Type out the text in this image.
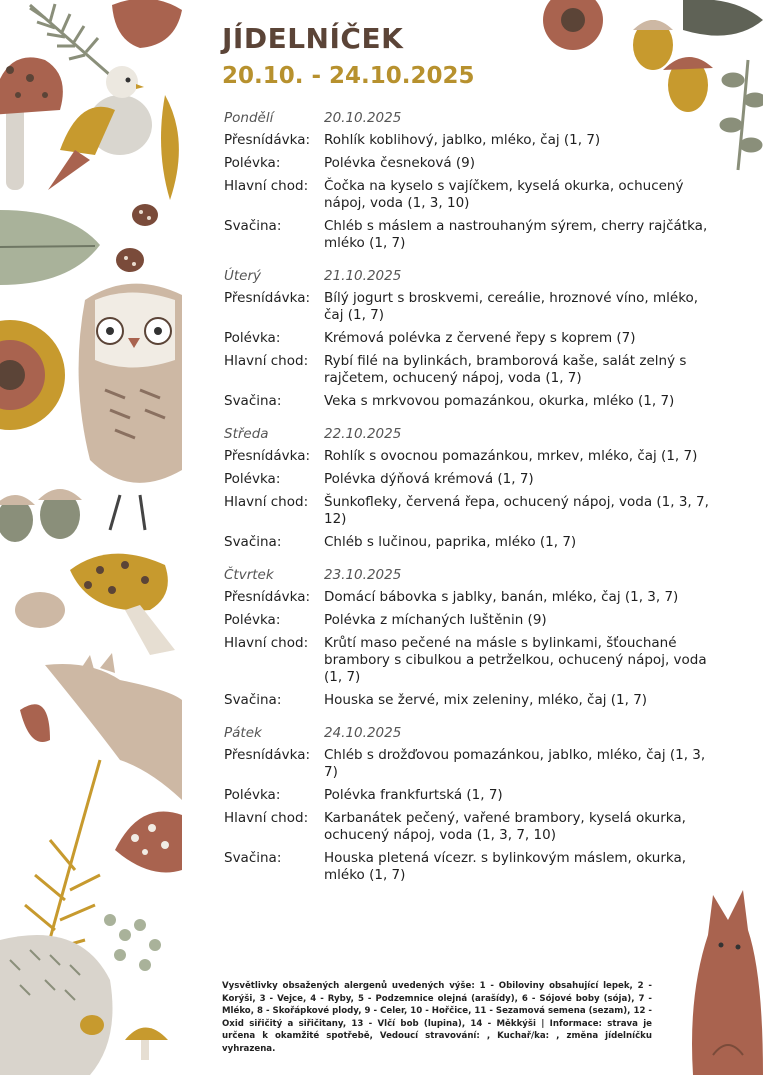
JÍDELNÍČEK
20.10. - 24.10.2025
Pondělí	20.10.2025
Přesnídávka:	Rohlík koblihový, jablko, mléko, čaj (1, 7)
Polévka:	Polévka česneková (9)
Hlavní chod:	Čočka na kyselo s vajíčkem, kyselá okurka, ochucený nápoj, voda (1, 3, 10)
Svačina:	Chléb s máslem a nastrouhaným sýrem, cherry rajčátka, mléko (1, 7)
Úterý	21.10.2025
Přesnídávka:	Bílý jogurt s broskvemi, cereálie, hroznové víno, mléko, čaj (1, 7)
Polévka:	Krémová polévka z červené řepy s koprem (7)
Hlavní chod:	Rybí filé na bylinkách, bramborová kaše, salát zelný s rajčetem, ochucený nápoj, voda (1, 7)
Svačina:	Veka s mrkvovou pomazánkou, okurka, mléko (1, 7)
Středa	22.10.2025
Přesnídávka:	Rohlík s ovocnou pomazánkou, mrkev, mléko, čaj (1, 7)
Polévka:	Polévka dýňová krémová (1, 7)
Hlavní chod:	Šunkofleky, červená řepa, ochucený nápoj, voda (1, 3, 7, 12)
Svačina:	Chléb s lučinou, paprika, mléko (1, 7)
Čtvrtek	23.10.2025
Přesnídávka:	Domácí bábovka s jablky, banán, mléko, čaj (1, 3, 7)
Polévka:	Polévka z míchaných luštěnin (9)
Hlavní chod:	Krůtí maso pečené na másle s bylinkami, šťouchané brambory s cibulkou a petrželkou, ochucený nápoj, voda (1, 7)
Svačina:	Houska se žervé, mix zeleniny, mléko, čaj (1, 7)
Pátek	24.10.2025
Přesnídávka:	Chléb s drožďovou pomazánkou, jablko, mléko, čaj (1, 3, 7)
Polévka:	Polévka frankfurtská (1, 7)
Hlavní chod:	Karbanátek pečený, vařené brambory, kyselá okurka, ochucený nápoj, voda (1, 3, 7, 10)
Svačina:	Houska pletená vícezr. s bylinkovým máslem, okurka, mléko (1, 7)

Vysvětlivky obsažených alergenů uvedených výše: 1 - Obiloviny obsahující lepek, 2 - Korýši, 3 - Vejce, 4 - Ryby, 5 - Podzemnice olejná (arašídy), 6 - Sójové boby (sója), 7 - Mléko, 8 - Skořápkové plody, 9 - Celer, 10 - Hořčice, 11 - Sezamová semena (sezam), 12 - Oxid siřičitý a siřičitany, 13 - Vlčí bob (lupina), 14 - Měkkýši | Informace: strava je určena k okamžité spotřebě, Vedoucí stravování: , Kuchař/ka: , změna jídelníčku vyhrazena.
